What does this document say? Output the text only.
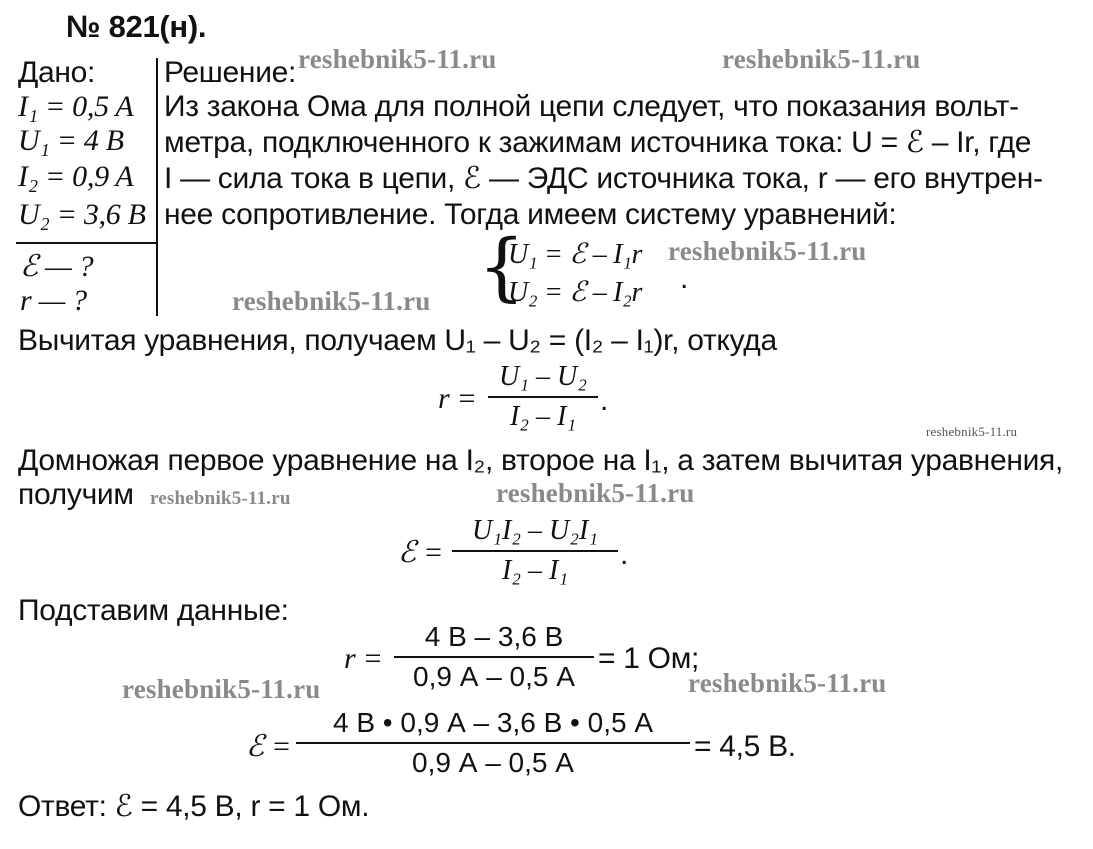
№ 821(н).
Дано:
I₁ = 0,5 A
U₁ = 4 B
I₂ = 0,9 A
U₂ = 3,6 B
ℰ — ?
r — ?
Решение:
Из закона Ома для полной цепи следует, что показания вольт-
метра, подключенного к зажимам источника тока: U = ℰ – Ir, где
I — сила тока в цепи, ℰ — ЭДС источника тока, r — его внутрен-
нее сопротивление. Тогда имеем систему уравнений:
{
U₁ = ℰ – I₁r
U₂ = ℰ – I₂r .
Вычитая уравнения, получаем U₁ – U₂ = (I₂ – I₁)r, откуда
r =
U₁ – U₂
I₂ – I₁ .
Домножая первое уравнение на I₂, второе на I₁, а затем вычитая уравнения,
получим
ℰ =
U₁I₂ – U₂I₁
I₂ – I₁	.
Подставим данные:
r =
4 В – 3,6 В
0,9 А – 0,5 А
= 1 Ом;
ℰ =
4 В • 0,9 А – 3,6 В • 0,5 А
0,9 А – 0,5 А	= 4,5 В.
Ответ: ℰ = 4,5 В, r = 1 Ом.
reshebnik5-11.ru	reshebnik5-11.ru
reshebnik5-11.ru
reshebnik5-11.ru
reshebnik5-11.ru
reshebnik5-11.ru	reshebnik5-11.ru
reshebnik5-11.ru	reshebnik5-11.ru
